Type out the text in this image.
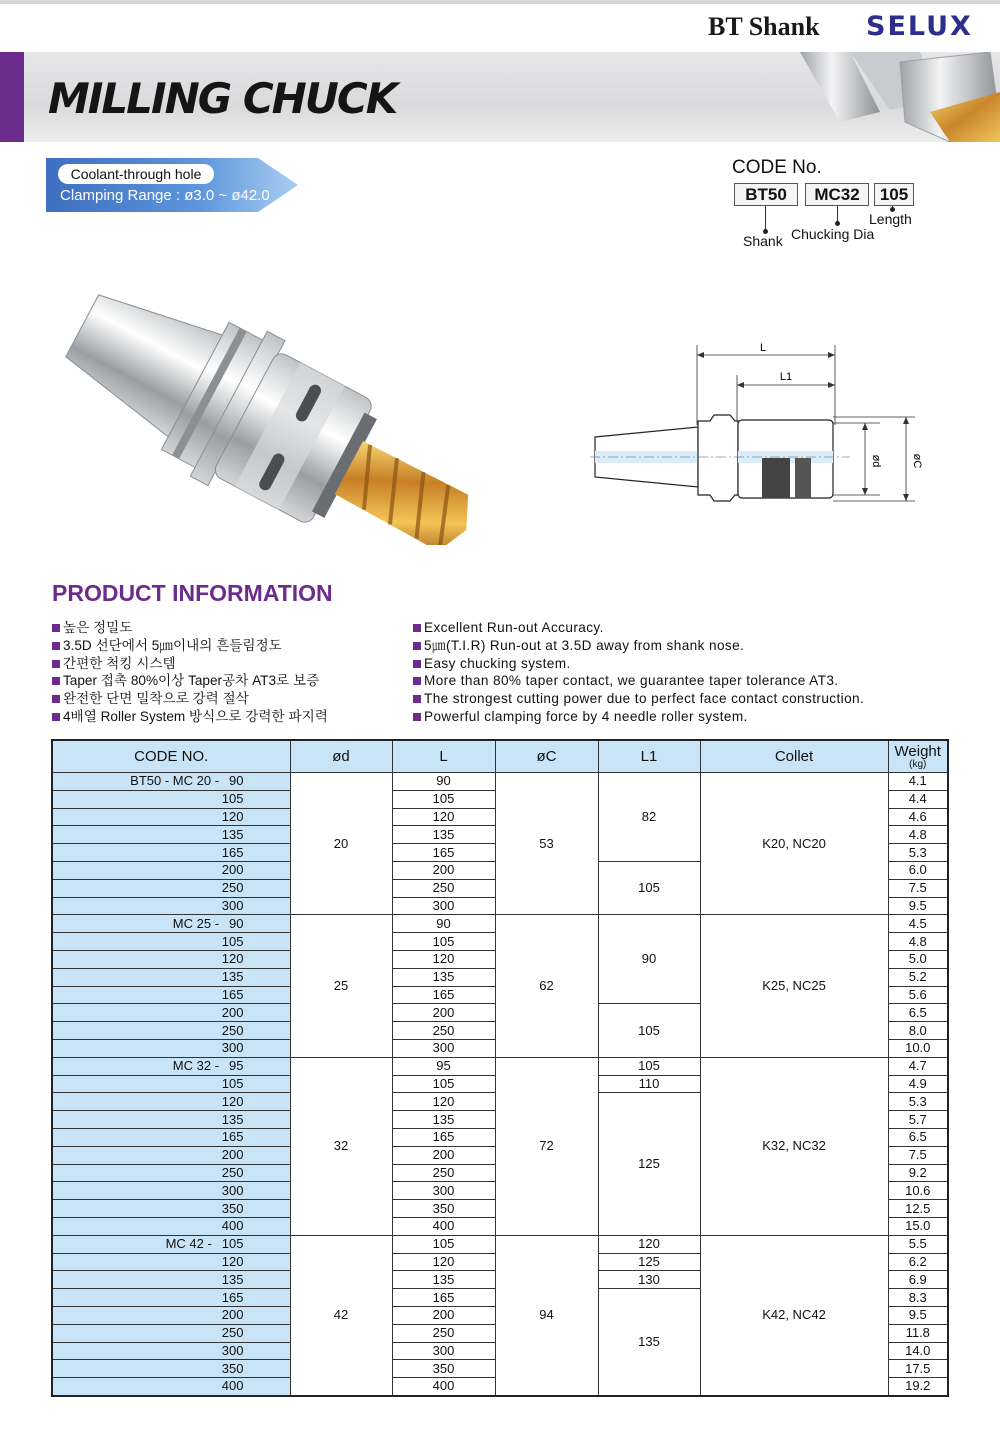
BT Shank SELUX
MILLING CHUCK
Coolant-through hole
Clamping Range : ø3.0 ~ ø42.0
CODE No.
BT50	MC32	105
Shank Chucking Dia
Length
L
L1
ød	øC
PRODUCT INFORMATION
높은 정밀도
3.5D 선단에서 5㎛이내의 흔들림정도
간편한 척킹 시스템
Taper 접촉 80%이상 Taper공차 AT3로 보증
완전한 단면 밀착으로 강력 절삭
4배열 Roller System 방식으로 강력한 파지력
Excellent Run-out Accuracy.
5㎛(T.I.R) Run-out at 3.5D away from shank nose.
Easy chucking system.
More than 80% taper contact, we guarantee taper tolerance AT3.
The strongest cutting power due to perfect face contact construction.
Powerful clamping force by 4 needle roller system.
CODE NO.	ød	L	øC	L1	Collet	Weight
(kg)

BT50 - MC 20 - 90	20	90	53	82	K20, NC20	4.1
105		105				4.4
120		120				4.6
135		135				4.8
165		165				5.3
200		200		105		6.0
250		250				7.5
300		300				9.5
MC 25 - 90	25	90	62	90	K25, NC25	4.5
105		105				4.8
120		120				5.0
135		135				5.2
165		165				5.6
200		200		105		6.5
250		250				8.0
300		300				10.0
MC 32 - 95	32	95	72	105	K32, NC32	4.7
105		105		110		4.9
120		120		125		5.3
135		135				5.7
165		165				6.5
200		200				7.5
250		250				9.2
300		300				10.6
350		350				12.5
400		400				15.0
MC 42 - 105	42	105	94	120	K42, NC42	5.5
120		120		125		6.2
135		135		130		6.9
165		165		135		8.3
200		200				9.5
250		250				11.8
300		300				14.0
350		350				17.5
400		400				19.2
